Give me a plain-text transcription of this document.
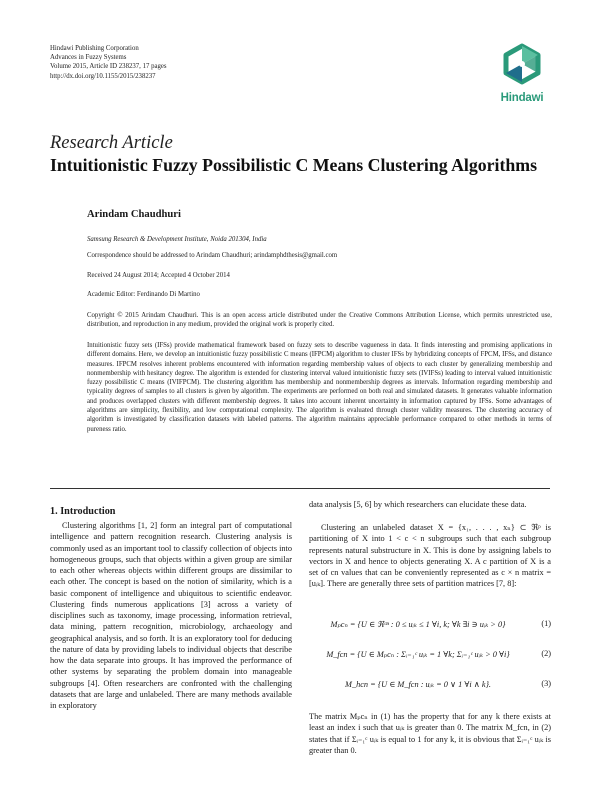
Hindawi Publishing Corporation
Advances in Fuzzy Systems
Volume 2015, Article ID 238237, 17 pages
http://dx.doi.org/10.1155/2015/238237
Hindawi
Research Article
Intuitionistic Fuzzy Possibilistic C Means Clustering Algorithms
Arindam Chaudhuri
Samsung Research & Development Institute, Noida 201304, India
Correspondence should be addressed to Arindam Chaudhuri; arindamphdthesis@gmail.com
Received 24 August 2014; Accepted 4 October 2014
Academic Editor: Ferdinando Di Martino
Copyright © 2015 Arindam Chaudhuri. This is an open access article distributed under the Creative Commons Attribution License, which permits unrestricted use, distribution, and reproduction in any medium, provided the original work is properly cited.
Intuitionistic fuzzy sets (IFSs) provide mathematical framework based on fuzzy sets to describe vagueness in data. It finds interesting and promising applications in different domains. Here, we develop an intuitionistic fuzzy possibilistic C means (IFPCM) algorithm to cluster IFSs by hybridizing concepts of FPCM, IFSs, and distance measures. IFPCM resolves inherent problems encountered with information regarding membership values of objects to each cluster by generalizing membership and nonmembership with hesitancy degree. The algorithm is extended for clustering interval valued intuitionistic fuzzy sets (IVIFSs) leading to interval valued intuitionistic fuzzy possibilistic C means (IVIFPCM). The clustering algorithm has membership and nonmembership degrees as intervals. Information regarding membership and typicality degrees of samples to all clusters is given by algorithm. The experiments are performed on both real and simulated datasets. It generates valuable information and produces overlapped clusters with different membership degrees. It takes into account inherent uncertainty in information captured by IFSs. Some advantages of algorithms are simplicity, flexibility, and low computational complexity. The algorithm is evaluated through cluster validity measures. The clustering accuracy of algorithm is investigated by classification datasets with labeled patterns. The algorithm maintains appreciable performance compared to other methods in terms of pureness ratio.
1. Introduction
Clustering algorithms [1, 2] form an integral part of computational intelligence and pattern recognition research. Clustering analysis is commonly used as an important tool to classify collection of objects into homogeneous groups, such that objects within a given group are similar to each other whereas objects within different groups are dissimilar to each other. The concept is based on the notion of similarity, which is a basic component of intelligence and ubiquitous to scientific endeavor. Clustering finds numerous applications [3] across a variety of disciplines such as taxonomy, image processing, information retrieval, data mining, pattern recognition, microbiology, archaeology and geographical analysis, and so forth. It is an exploratory tool for deducing the nature of data by providing labels to individual objects that describe how the data separate into groups. It has improved the performance of other systems by separating the problem domain into manageable subgroups [4]. Often researchers are confronted with the challenging datasets that are large and unlabeled. There are many methods available in exploratory
data analysis [5, 6] by which researchers can elucidate these data.
Clustering an unlabeled dataset X = {x₁, . . . , xₙ} ⊂ ℜᵖ is partitioning of X into 1 < c < n subgroups such that each subgroup represents natural substructure in X. This is done by assigning labels to vectors in X and hence to objects generating X. A c partition of X is a set of cn values that can be conveniently represented as c × n matrix = [uᵢₖ]. There are generally three sets of partition matrices [7, 8]:
Mₚcₙ = {U ∈ ℜᶜⁿ : 0 ≤ uᵢₖ ≤ 1 ∀i, k; ∀k ∃i ∋ uᵢₖ > 0}	(1)
M_fcn = {U ∈ Mₚcₙ : Σᵢ₌₁ᶜ uᵢₖ = 1 ∀k; Σᵢ₌₁ᶜ uᵢₖ > 0 ∀i}	(2)
M_hcn = {U ∈ M_fcn : uᵢₖ = 0 ∨ 1 ∀i ∧ k}.	(3)
The matrix Mₚcₙ in (1) has the property that for any k there exists at least an index i such that uᵢₖ is greater than 0. The matrix M_fcn, in (2) states that if Σᵢ₌₁ᶜ uᵢₖ is equal to 1 for any k, it is obvious that Σᵢ₌₁ᶜ uᵢₖ is greater than 0.
